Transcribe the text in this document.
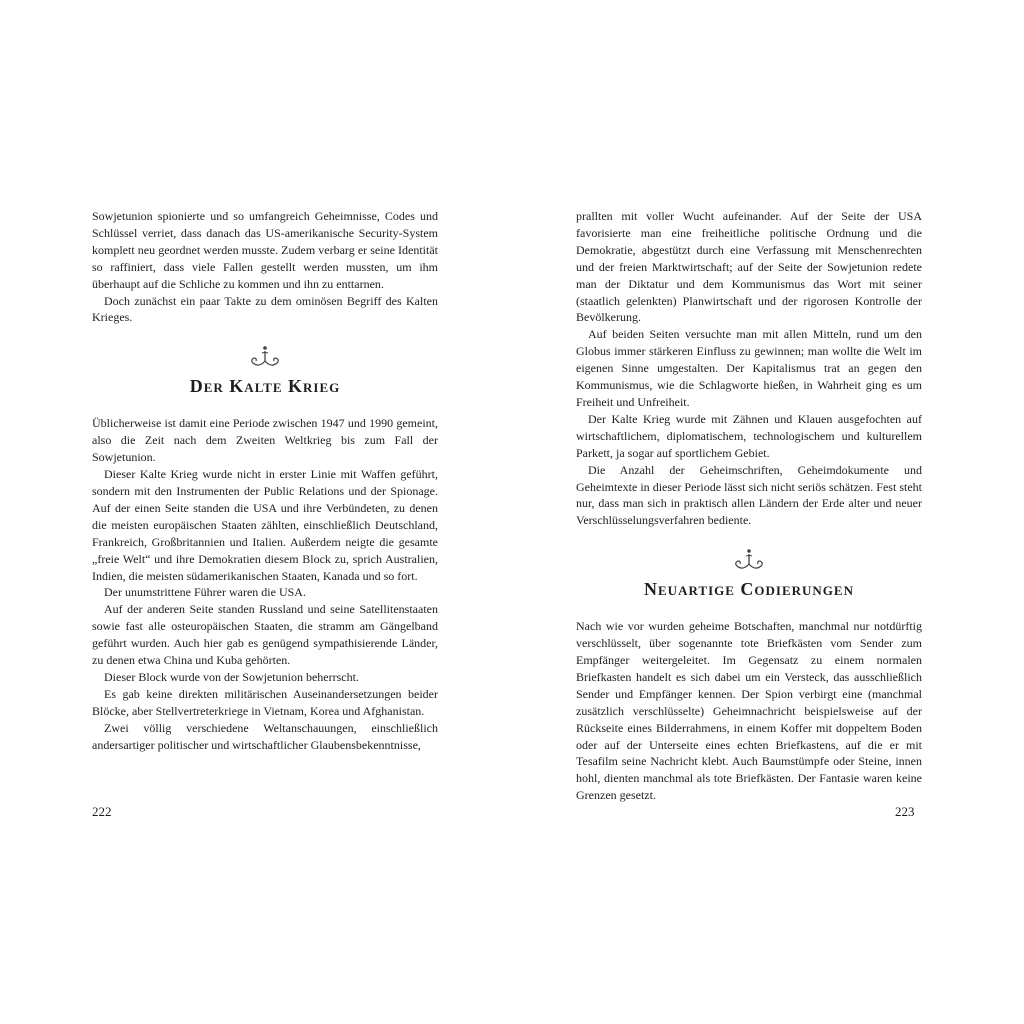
Sowjetunion spionierte und so umfangreich Geheimnisse, Codes und Schlüssel verriet, dass danach das US-amerikanische Security-System komplett neu geordnet werden musste. Zudem verbarg er seine Identität so raffiniert, dass viele Fallen gestellt werden mussten, um ihm überhaupt auf die Schliche zu kommen und ihn zu enttarnen.

Doch zunächst ein paar Takte zu dem ominösen Begriff des Kalten Krieges.

Der Kalte Krieg

Üblicherweise ist damit eine Periode zwischen 1947 und 1990 gemeint, also die Zeit nach dem Zweiten Weltkrieg bis zum Fall der Sowjetunion.

Dieser Kalte Krieg wurde nicht in erster Linie mit Waffen geführt, sondern mit den Instrumenten der Public Relations und der Spionage. Auf der einen Seite standen die USA und ihre Verbündeten, zu denen die meisten europäischen Staaten zählten, einschließlich Deutschland, Frankreich, Großbritannien und Italien. Außerdem neigte die gesamte „freie Welt“ und ihre Demokratien diesem Block zu, sprich Australien, Indien, die meisten südamerikanischen Staaten, Kanada und so fort.

Der unumstrittene Führer waren die USA.

Auf der anderen Seite standen Russland und seine Satellitenstaaten sowie fast alle osteuropäischen Staaten, die stramm am Gängelband geführt wurden. Auch hier gab es genügend sympathisierende Länder, zu denen etwa China und Kuba gehörten.

Dieser Block wurde von der Sowjetunion beherrscht.

Es gab keine direkten militärischen Auseinandersetzungen beider Blöcke, aber Stellvertreterkriege in Vietnam, Korea und Afghanistan.

Zwei völlig verschiedene Weltanschauungen, einschließlich andersartiger politischer und wirtschaftlicher Glaubensbekenntnisse,

222

prallten mit voller Wucht aufeinander. Auf der Seite der USA favorisierte man eine freiheitliche politische Ordnung und die Demokratie, abgestützt durch eine Verfassung mit Menschenrechten und der freien Marktwirtschaft; auf der Seite der Sowjetunion redete man der Diktatur und dem Kommunismus das Wort mit seiner (staatlich gelenkten) Planwirtschaft und der rigorosen Kontrolle der Bevölkerung.

Auf beiden Seiten versuchte man mit allen Mitteln, rund um den Globus immer stärkeren Einfluss zu gewinnen; man wollte die Welt im eigenen Sinne umgestalten. Der Kapitalismus trat an gegen den Kommunismus, wie die Schlagworte hießen, in Wahrheit ging es um Freiheit und Unfreiheit.

Der Kalte Krieg wurde mit Zähnen und Klauen ausgefochten auf wirtschaftlichem, diplomatischem, technologischem und kulturellem Parkett, ja sogar auf sportlichem Gebiet.

Die Anzahl der Geheimschriften, Geheimdokumente und Geheimtexte in dieser Periode lässt sich nicht seriös schätzen. Fest steht nur, dass man sich in praktisch allen Ländern der Erde alter und neuer Verschlüsselungsverfahren bediente.

Neuartige Codierungen

Nach wie vor wurden geheime Botschaften, manchmal nur notdürftig verschlüsselt, über sogenannte tote Briefkästen vom Sender zum Empfänger weitergeleitet. Im Gegensatz zu einem normalen Briefkasten handelt es sich dabei um ein Versteck, das ausschließlich Sender und Empfänger kennen. Der Spion verbirgt eine (manchmal zusätzlich verschlüsselte) Geheimnachricht beispielsweise auf der Rückseite eines Bilderrahmens, in einem Koffer mit doppeltem Boden oder auf der Unterseite eines echten Briefkastens, auf die er mit Tesafilm seine Nachricht klebt. Auch Baumstümpfe oder Steine, innen hohl, dienten manchmal als tote Briefkästen. Der Fantasie waren keine Grenzen gesetzt.

223
